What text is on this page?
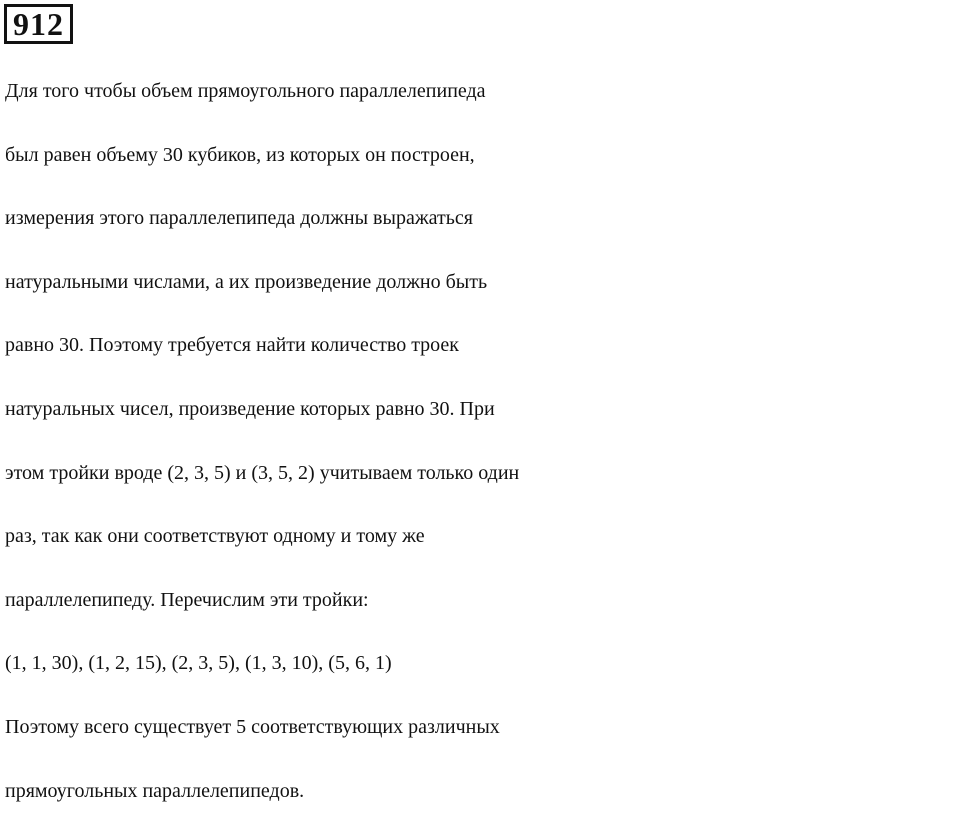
912
Для того чтобы объем прямоугольного параллелепипеда
был равен объему 30 кубиков, из которых он построен,
измерения этого параллелепипеда должны выражаться
натуральными числами, а их произведение должно быть
равно 30. Поэтому требуется найти количество троек
натуральных чисел, произведение которых равно 30. При
этом тройки вроде (2, 3, 5) и (3, 5, 2) учитываем только один
раз, так как они соответствуют одному и тому же
параллелепипеду. Перечислим эти тройки:
(1, 1, 30), (1, 2, 15), (2, 3, 5), (1, 3, 10), (5, 6, 1)
Поэтому всего существует 5 соответствующих различных
прямоугольных параллелепипедов.
